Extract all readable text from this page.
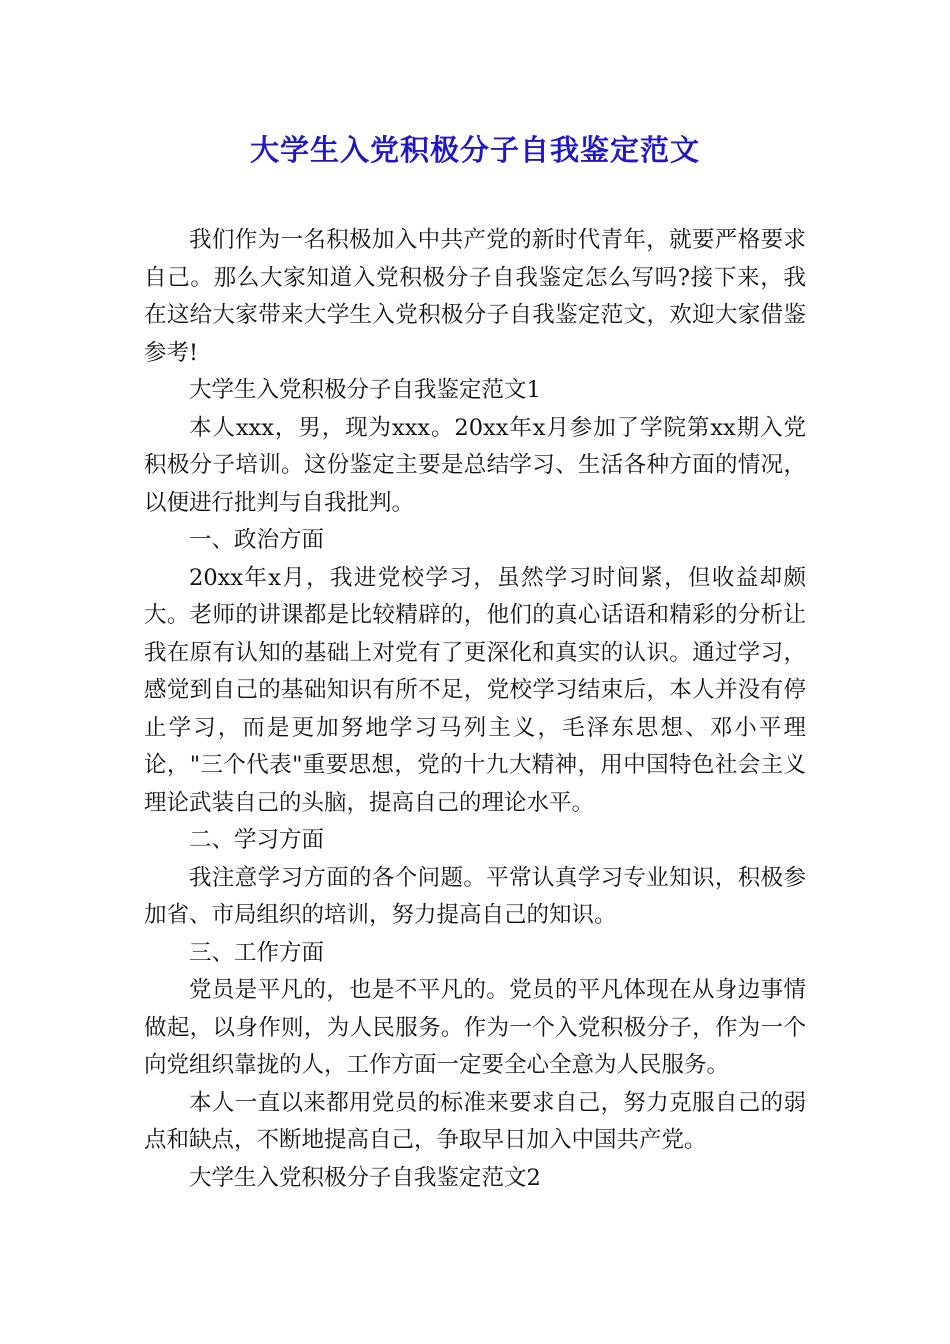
大学生入党积极分子自我鉴定范文

我们作为一名积极加入中共产党的新时代青年，就要严格要求自己。那么大家知道入党积极分子自我鉴定怎么写吗?接下来，我在这给大家带来大学生入党积极分子自我鉴定范文，欢迎大家借鉴参考!

大学生入党积极分子自我鉴定范文1

本人xxx，男，现为xxx。20xx年x月参加了学院第xx期入党积极分子培训。这份鉴定主要是总结学习、生活各种方面的情况，以便进行批判与自我批判。

一、政治方面

20xx年x月，我进党校学习，虽然学习时间紧，但收益却颇大。老师的讲课都是比较精辟的，他们的真心话语和精彩的分析让我在原有认知的基础上对党有了更深化和真实的认识。通过学习，感觉到自己的基础知识有所不足，党校学习结束后，本人并没有停止学习，而是更加努地学习马列主义，毛泽东思想、邓小平理论，"三个代表"重要思想，党的十九大精神，用中国特色社会主义理论武装自己的头脑，提高自己的理论水平。

二、学习方面

我注意学习方面的各个问题。平常认真学习专业知识，积极参加省、市局组织的培训，努力提高自己的知识。

三、工作方面

党员是平凡的，也是不平凡的。党员的平凡体现在从身边事情做起，以身作则，为人民服务。作为一个入党积极分子，作为一个向党组织靠拢的人，工作方面一定要全心全意为人民服务。

本人一直以来都用党员的标准来要求自己，努力克服自己的弱点和缺点，不断地提高自己，争取早日加入中国共产党。

大学生入党积极分子自我鉴定范文2
